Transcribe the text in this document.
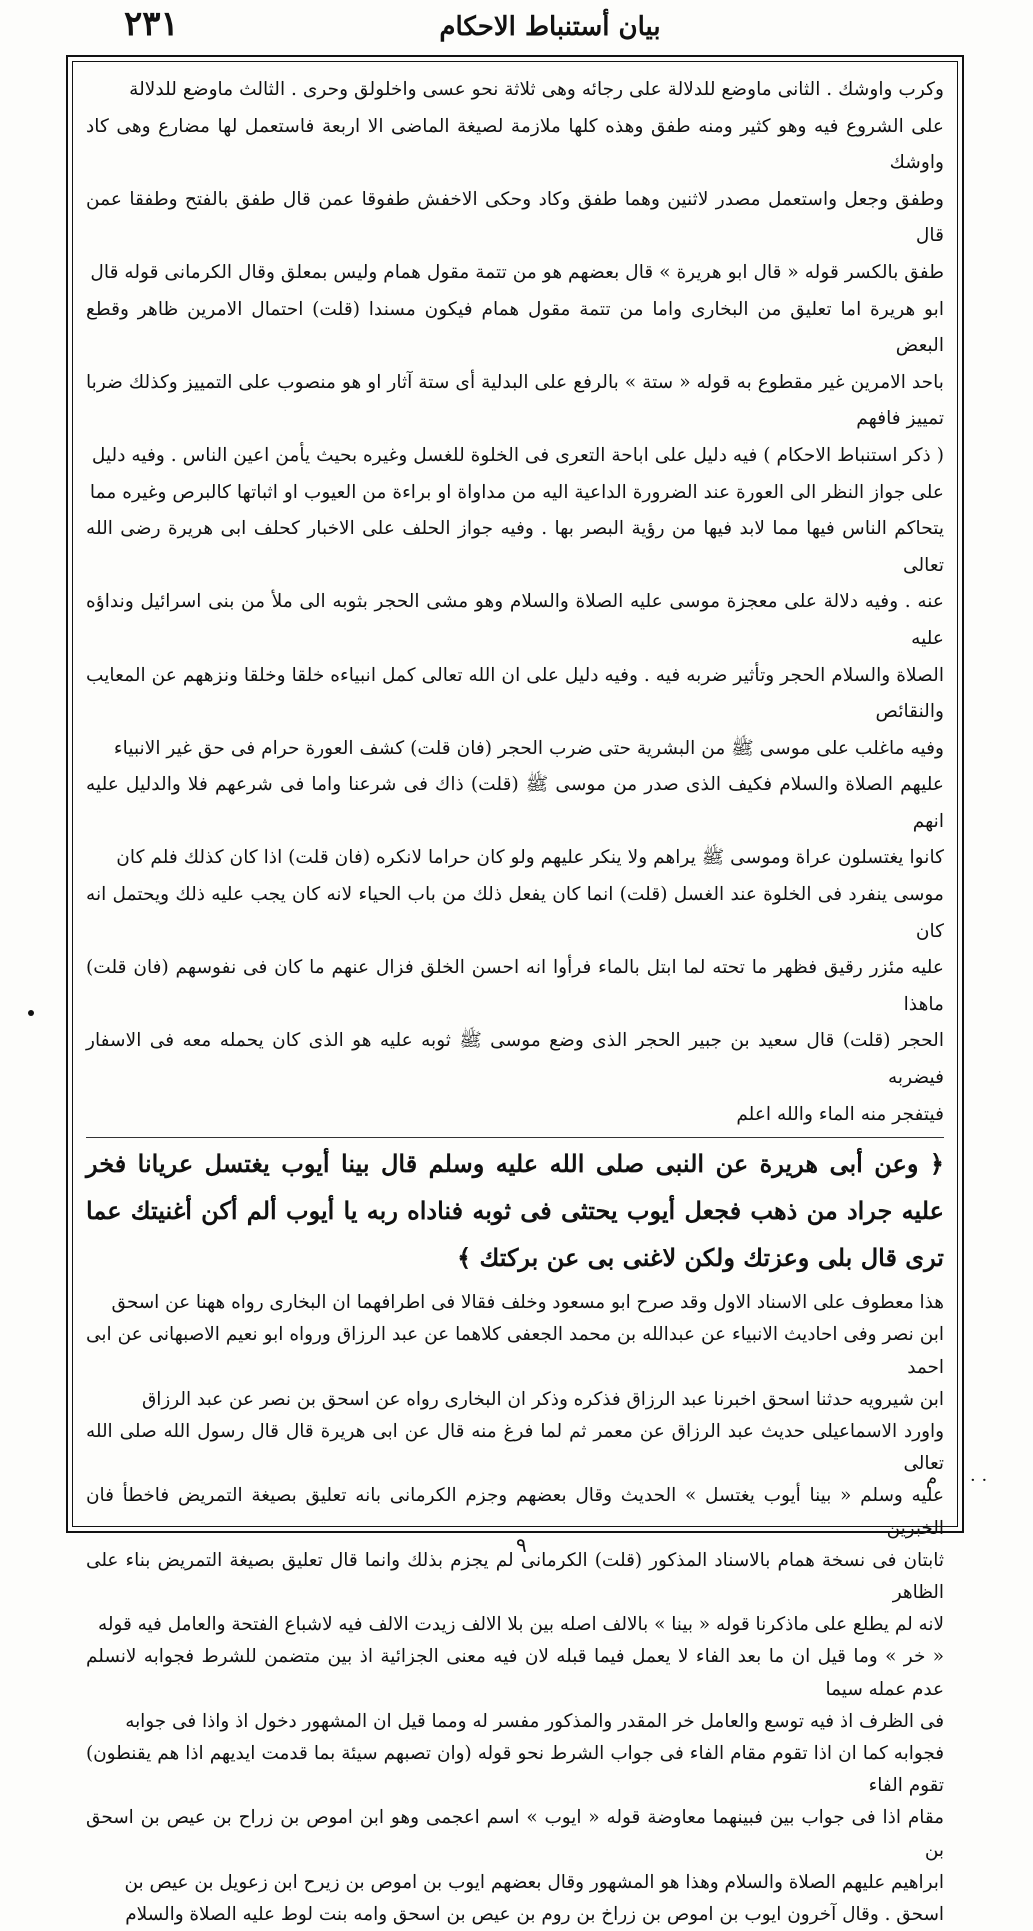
٢٣١	بیان أستنباط الاحکام

وكرب واوشك . الثانى ماوضع للدلالة على رجائه وهى ثلاثة نحو عسى واخلولق وحرى . الثالث ماوضع للدلالة

على الشروع فيه وهو كثير ومنه طفق وهذه كلها ملازمة لصيغة الماضى الا اربعة فاستعمل لها مضارع وهى كاد واوشك

وطفق وجعل واستعمل مصدر لاثنين وهما طفق وكاد وحكى الاخفش طفوقا عمن قال طفق بالفتح وطفقا عمن قال

طفق بالكسر قوله « قال ابو هريرة » قال بعضهم هو من تتمة مقول همام وليس بمعلق وقال الكرمانى قوله قال

ابو هريرة اما تعليق من البخارى واما من تتمة مقول همام فيكون مسندا (قلت) احتمال الامرين ظاهر وقطع البعض

باحد الامرين غير مقطوع به قوله « ستة » بالرفع على البدلية أى ستة آثار او هو منصوب على التمييز وكذلك ضربا تمييز فافهم

( ذكر استنباط الاحكام ) فيه دليل على اباحة التعرى فى الخلوة للغسل وغيره بحيث يأمن اعين الناس . وفيه دليل

على جواز النظر الى العورة عند الضرورة الداعية اليه من مداواة او براءة من العيوب او اثباتها كالبرص وغيره مما

يتحاكم الناس فيها مما لابد فيها من رؤية البصر بها . وفيه جواز الحلف على الاخبار كحلف ابى هريرة رضى الله تعالى

عنه . وفيه دلالة على معجزة موسى عليه الصلاة والسلام وهو مشى الحجر بثوبه الى ملأ من بنى اسرائيل ونداؤه عليه

الصلاة والسلام الحجر وتأثير ضربه فيه . وفيه دليل على ان الله تعالى كمل انبياءه خلقا وخلقا ونزههم عن المعايب والنقائص

وفيه ماغلب على موسى ﷺ من البشرية حتى ضرب الحجر (فان قلت) كشف العورة حرام فى حق غير الانبياء

عليهم الصلاة والسلام فكيف الذى صدر من موسى ﷺ (قلت) ذاك فى شرعنا واما فى شرعهم فلا والدليل عليه انهم

كانوا يغتسلون عراة وموسى ﷺ يراهم ولا ينكر عليهم ولو كان حراما لانكره (فان قلت) اذا كان كذلك فلم كان

موسى ينفرد فى الخلوة عند الغسل (قلت) انما كان يفعل ذلك من باب الحياء لانه كان يجب عليه ذلك ويحتمل انه كان

عليه مئزر رقيق فظهر ما تحته لما ابتل بالماء فرأوا انه احسن الخلق فزال عنهم ما كان فى نفوسهم (فان قلت) ماهذا

الحجر (قلت) قال سعيد بن جبير الحجر الذى وضع موسى ﷺ ثوبه عليه هو الذى كان يحمله معه فى الاسفار فيضربه

فيتفجر منه الماء والله اعلم

﴿ وعن أبى هريرة عن النبى صلى الله عليه وسلم قال بينا أيوب يغتسل عريانا فخر عليه جراد من ذهب فجعل أيوب يحتثى فى ثوبه فناداه ربه يا أيوب ألم أكن أغنيتك عما ترى قال بلى وعزتك ولكن لاغنى بى عن بركتك ﴾

هذا معطوف على الاسناد الاول وقد صرح ابو مسعود وخلف فقالا فى اطرافهما ان البخارى رواه ههنا عن اسحق

ابن نصر وفى احاديث الانبياء عن عبدالله بن محمد الجعفى كلاهما عن عبد الرزاق ورواه ابو نعيم الاصبهانى عن ابى احمد

ابن شيرويه حدثنا اسحق اخبرنا عبد الرزاق فذكره وذكر ان البخارى رواه عن اسحق بن نصر عن عبد الرزاق

واورد الاسماعيلى حديث عبد الرزاق عن معمر ثم لما فرغ منه قال عن ابى هريرة قال قال رسول الله صلى الله تعالى

عليه وسلم « بينا أيوب يغتسل » الحديث وقال بعضهم وجزم الكرمانى بانه تعليق بصيغة التمريض فاخطأ فان الخبرين

ثابتان فى نسخة همام بالاسناد المذكور (قلت) الكرمانى لم يجزم بذلك وانما قال تعليق بصيغة التمريض بناء على الظاهر

لانه لم يطلع على ماذكرنا قوله « بينا » بالالف اصله بين بلا الالف زيدت الالف فيه لاشباع الفتحة والعامل فيه قوله

« خر » وما قيل ان ما بعد الفاء لا يعمل فيما قبله لان فيه معنى الجزائية اذ بين متضمن للشرط فجوابه لانسلم عدم عمله سيما

فى الظرف اذ فيه توسع والعامل خر المقدر والمذكور مفسر له ومما قيل ان المشهور دخول اذ واذا فى جوابه

فجوابه كما ان اذا تقوم مقام الفاء فى جواب الشرط نحو قوله (وان تصبهم سيئة بما قدمت ايديهم اذا هم يقنطون) تقوم الفاء

مقام اذا فى جواب بين فبينهما معاوضة قوله « ايوب » اسم اعجمى وهو ابن اموص بن زراح بن عيص بن اسحق بن

ابراهيم عليهم الصلاة والسلام وهذا هو المشهور وقال بعضهم ايوب بن اموص بن زيرح ابن زعويل بن عيص بن

اسحق . وقال آخرون ايوب بن اموص بن زراخ بن روم بن عيص بن اسحق وامه بنت لوط عليه الصلاة والسلام

م · ·
٩
